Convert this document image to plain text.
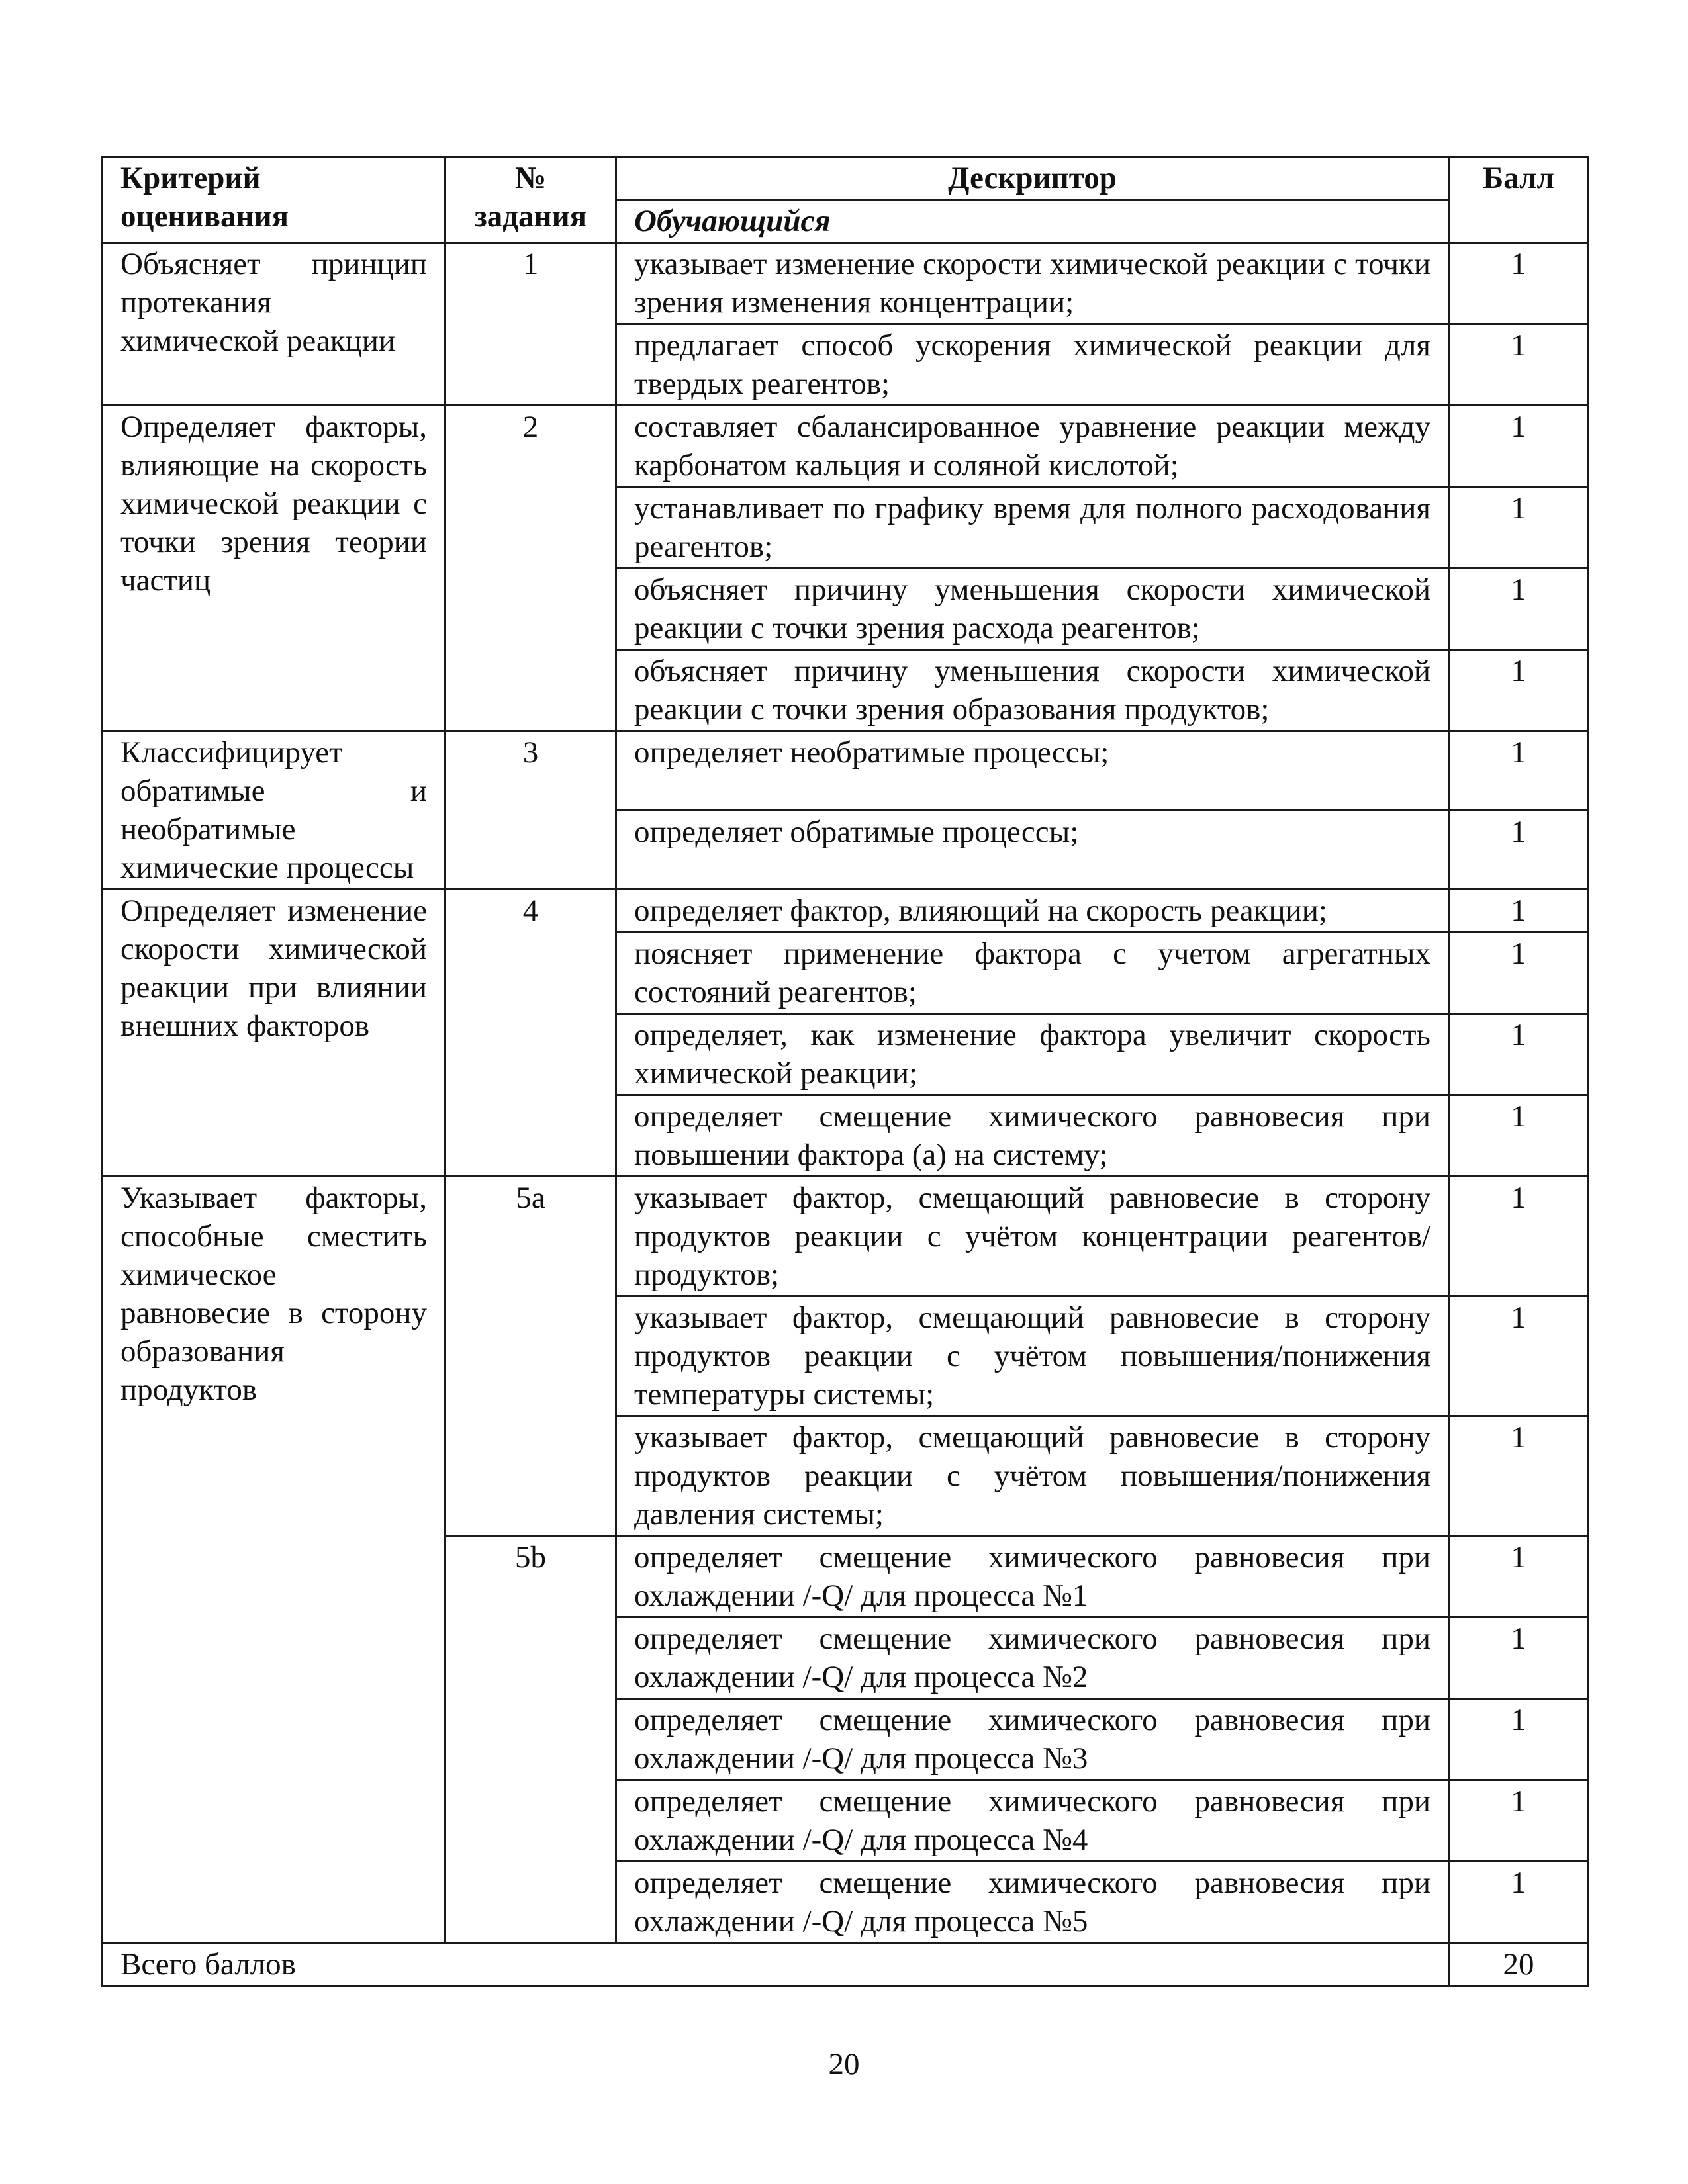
Критерий оценивания	№ задания	Дескриптор	Балл
		Обучающийся	
Объясняет принцип протекания химической реакции	1	указывает изменение скорости химической реакции с точки зрения изменения концентрации;	1
		предлагает способ ускорения химической реакции для твердых реагентов;	1
Определяет факторы, влияющие на скорость химической реакции с точки зрения теории частиц	2	составляет сбалансированное уравнение реакции между карбонатом кальция и соляной кислотой;	1
		устанавливает по графику время для полного расходования реагентов;	1
		объясняет причину уменьшения скорости химической реакции с точки зрения расхода реагентов;	1
		объясняет причину уменьшения скорости химической реакции с точки зрения образования продуктов;	1
Классифицирует обратимые и необратимые химические процессы	3	определяет необратимые процессы;	1
		определяет обратимые процессы;	1
Определяет изменение скорости химической реакции при влиянии внешних факторов	4	определяет фактор, влияющий на скорость реакции;	1
		поясняет применение фактора с учетом агрегатных состояний реагентов;	1
		определяет, как изменение фактора увеличит скорость химической реакции;	1
		определяет смещение химического равновесия при повышении фактора (a) на систему;	1
Указывает факторы, способные сместить химическое равновесие в сторону образования продуктов	5a	указывает фактор, смещающий равновесие в сторону продуктов реакции с учётом концентрации реагентов/продуктов;	1
		указывает фактор, смещающий равновесие в сторону продуктов реакции с учётом повышения/понижения температуры системы;	1
		указывает фактор, смещающий равновесие в сторону продуктов реакции с учётом повышения/понижения давления системы;	1
	5b	определяет смещение химического равновесия при охлаждении /-Q/ для процесса №1	1
		определяет смещение химического равновесия при охлаждении /-Q/ для процесса №2	1
		определяет смещение химического равновесия при охлаждении /-Q/ для процесса №3	1
		определяет смещение химического равновесия при охлаждении /-Q/ для процесса №4	1
		определяет смещение химического равновесия при охлаждении /-Q/ для процесса №5	1
Всего баллов			20
20
